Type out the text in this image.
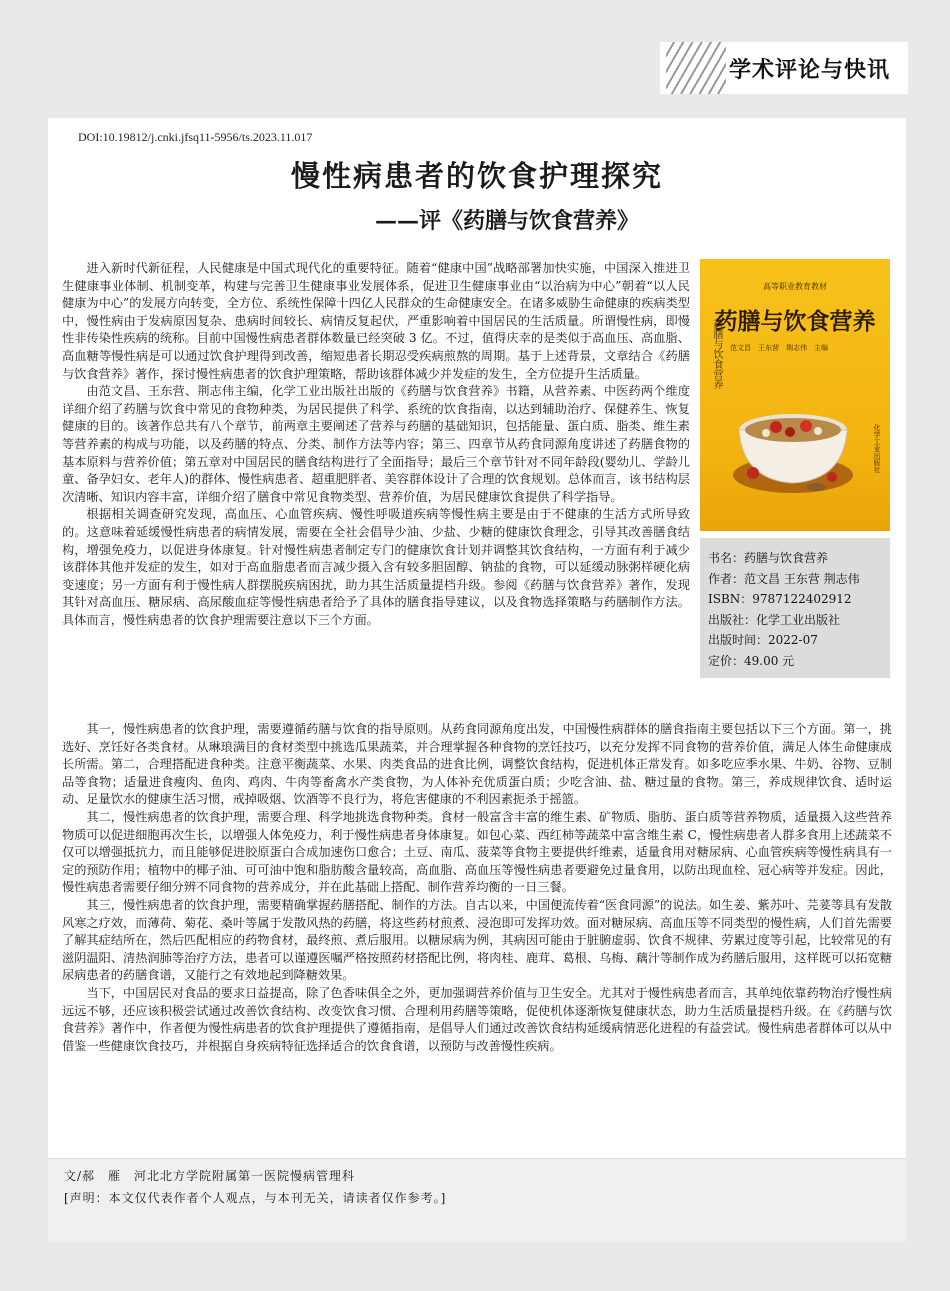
学术评论与快讯
DOI:10.19812/j.cnki.jfsq11-5956/ts.2023.11.017
慢性病患者的饮食护理探究
——评《药膳与饮食营养》

进入新时代新征程，人民健康是中国式现代化的重要特征。随着“健康中国”战略部署加快实施，中国深入推进卫生健康事业体制、机制变革，构建与完善卫生健康事业发展体系，促进卫生健康事业由“以治病为中心”朝着“以人民健康为中心”的发展方向转变，全方位、系统性保障十四亿人民群众的生命健康安全。在诸多威胁生命健康的疾病类型中，慢性病由于发病原因复杂、患病时间较长、病情反复起伏，严重影响着中国居民的生活质量。所谓慢性病，即慢性非传染性疾病的统称。目前中国慢性病患者群体数量已经突破 3 亿。不过，值得庆幸的是类似于高血压、高血脂、高血糖等慢性病是可以通过饮食护理得到改善，缩短患者长期忍受疾病煎熬的周期。基于上述背景，文章结合《药膳与饮食营养》著作，探讨慢性病患者的饮食护理策略，帮助该群体减少并发症的发生，全方位提升生活质量。

由范文昌、王东营、荆志伟主编，化学工业出版社出版的《药膳与饮食营养》书籍，从营养素、中医药两个维度详细介绍了药膳与饮食中常见的食物种类，为居民提供了科学、系统的饮食指南，以达到辅助治疗、保健养生、恢复健康的目的。该著作总共有八个章节，前两章主要阐述了营养与药膳的基础知识，包括能量、蛋白质、脂类、维生素等营养素的构成与功能，以及药膳的特点、分类、制作方法等内容；第三、四章节从药食同源角度讲述了药膳食物的基本原料与营养价值；第五章对中国居民的膳食结构进行了全面指导；最后三个章节针对不同年龄段(婴幼儿、学龄儿童、备孕妇女、老年人)的群体、慢性病患者、超重肥胖者、美容群体设计了合理的饮食规划。总体而言，该书结构层次清晰、知识内容丰富，详细介绍了膳食中常见食物类型、营养价值，为居民健康饮食提供了科学指导。

根据相关调查研究发现，高血压、心血管疾病、慢性呼吸道疾病等慢性病主要是由于不健康的生活方式所导致的。这意味着延缓慢性病患者的病情发展，需要在全社会倡导少油、少盐、少糖的健康饮食理念，引导其改善膳食结构，增强免疫力，以促进身体康复。针对慢性病患者制定专门的健康饮食计划并调整其饮食结构，一方面有利于减少该群体其他并发症的发生，如对于高血脂患者而言减少摄入含有较多胆固醇、钠盐的食物，可以延缓动脉粥样硬化病变速度；另一方面有利于慢性病人群摆脱疾病困扰，助力其生活质量提档升级。参阅《药膳与饮食营养》著作，发现其针对高血压、糖尿病、高尿酸血症等慢性病患者给予了具体的膳食指导建议，以及食物选择策略与药膳制作方法。具体而言，慢性病患者的饮食护理需要注意以下三个方面。

高等职业教育教材
药膳与饮食营养
范文昌　王东营　荆志伟　主编
药膳与饮食营养
化学工业出版社
书名：药膳与饮食营养
作者：范文昌 王东营 荆志伟
ISBN：9787122402912
出版社：化学工业出版社
出版时间：2022-07
定价：49.00 元

其一，慢性病患者的饮食护理，需要遵循药膳与饮食的指导原则。从药食同源角度出发，中国慢性病群体的膳食指南主要包括以下三个方面。第一，挑选好、烹饪好各类食材。从琳琅满目的食材类型中挑选瓜果蔬菜，并合理掌握各种食物的烹饪技巧，以充分发挥不同食物的营养价值，满足人体生命健康成长所需。第二，合理搭配进食种类。注意平衡蔬菜、水果、肉类食品的进食比例，调整饮食结构，促进机体正常发育。如多吃应季水果、牛奶、谷物、豆制品等食物；适量进食瘦肉、鱼肉、鸡肉、牛肉等畜禽水产类食物，为人体补充优质蛋白质；少吃含油、盐、糖过量的食物。第三，养成规律饮食、适时运动、足量饮水的健康生活习惯，戒掉吸烟、饮酒等不良行为，将危害健康的不利因素扼杀于摇篮。

其二，慢性病患者的饮食护理，需要合理、科学地挑选食物种类。食材一般富含丰富的维生素、矿物质、脂肪、蛋白质等营养物质，适量摄入这些营养物质可以促进细胞再次生长，以增强人体免疫力，利于慢性病患者身体康复。如包心菜、西红柿等蔬菜中富含维生素 C，慢性病患者人群多食用上述蔬菜不仅可以增强抵抗力，而且能够促进胶原蛋白合成加速伤口愈合；土豆、南瓜、菠菜等食物主要提供纤维素，适量食用对糖尿病、心血管疾病等慢性病具有一定的预防作用；植物中的椰子油、可可油中饱和脂肪酸含量较高，高血脂、高血压等慢性病患者要避免过量食用，以防出现血栓、冠心病等并发症。因此，慢性病患者需要仔细分辨不同食物的营养成分，并在此基础上搭配、制作营养均衡的一日三餐。

其三，慢性病患者的饮食护理，需要精确掌握药膳搭配、制作的方法。自古以来，中国便流传着“医食同源”的说法。如生姜、紫苏叶、芫荽等具有发散风寒之疗效，而薄荷、菊花、桑叶等属于发散风热的药膳，将这些药材煎煮、浸泡即可发挥功效。面对糖尿病、高血压等不同类型的慢性病，人们首先需要了解其症结所在，然后匹配相应的药物食材，最终煎、煮后服用。以糖尿病为例，其病因可能由于脏腑虚弱、饮食不规律、劳累过度等引起，比较常见的有滋阴温阳、清热润肺等治疗方法，患者可以谨遵医嘱严格按照药材搭配比例，将肉桂、鹿茸、葛根、乌梅、藕汁等制作成为药膳后服用，这样既可以拓宽糖尿病患者的药膳食谱，又能行之有效地起到降糖效果。

当下，中国居民对食品的要求日益提高，除了色香味俱全之外，更加强调营养价值与卫生安全。尤其对于慢性病患者而言，其单纯依靠药物治疗慢性病远远不够，还应该积极尝试通过改善饮食结构、改变饮食习惯、合理利用药膳等策略，促使机体逐渐恢复健康状态，助力生活质量提档升级。在《药膳与饮食营养》著作中，作者便为慢性病患者的饮食护理提供了遵循指南，是倡导人们通过改善饮食结构延缓病情恶化进程的有益尝试。慢性病患者群体可以从中借鉴一些健康饮食技巧，并根据自身疾病特征选择适合的饮食食谱，以预防与改善慢性疾病。

文/郝　雁　河北北方学院附属第一医院慢病管理科
[声明：本文仅代表作者个人观点，与本刊无关，请读者仅作参考。]
